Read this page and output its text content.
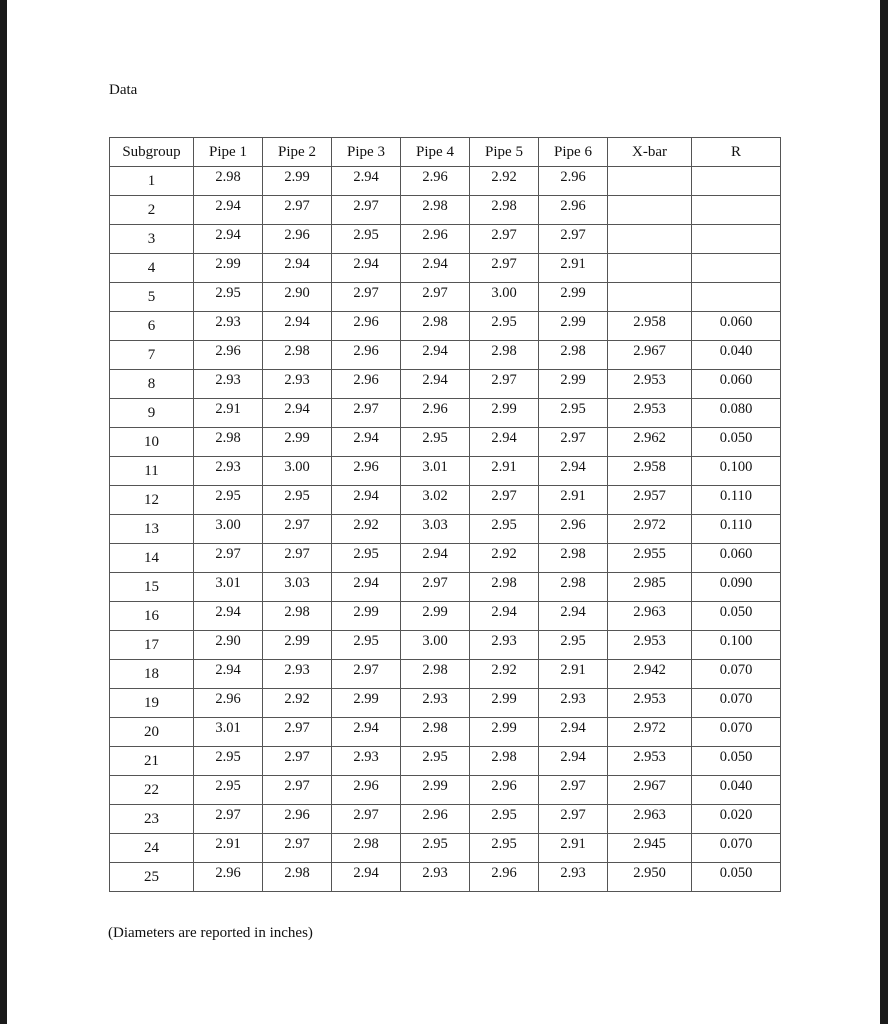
Data
Subgroup	Pipe 1	Pipe 2	Pipe 3	Pipe 4	Pipe 5	Pipe 6	X-bar	R

1	2.98	2.99	2.94	2.96	2.92	2.96		

2	2.94	2.97	2.97	2.98	2.98	2.96		

3	2.94	2.96	2.95	2.96	2.97	2.97		

4	2.99	2.94	2.94	2.94	2.97	2.91		

5	2.95	2.90	2.97	2.97	3.00	2.99		

6	2.93	2.94	2.96	2.98	2.95	2.99	2.958	0.060

7	2.96	2.98	2.96	2.94	2.98	2.98	2.967	0.040

8	2.93	2.93	2.96	2.94	2.97	2.99	2.953	0.060

9	2.91	2.94	2.97	2.96	2.99	2.95	2.953	0.080

10	2.98	2.99	2.94	2.95	2.94	2.97	2.962	0.050

11	2.93	3.00	2.96	3.01	2.91	2.94	2.958	0.100

12	2.95	2.95	2.94	3.02	2.97	2.91	2.957	0.110

13	3.00	2.97	2.92	3.03	2.95	2.96	2.972	0.110

14	2.97	2.97	2.95	2.94	2.92	2.98	2.955	0.060

15	3.01	3.03	2.94	2.97	2.98	2.98	2.985	0.090

16	2.94	2.98	2.99	2.99	2.94	2.94	2.963	0.050

17	2.90	2.99	2.95	3.00	2.93	2.95	2.953	0.100

18	2.94	2.93	2.97	2.98	2.92	2.91	2.942	0.070

19	2.96	2.92	2.99	2.93	2.99	2.93	2.953	0.070

20	3.01	2.97	2.94	2.98	2.99	2.94	2.972	0.070

21	2.95	2.97	2.93	2.95	2.98	2.94	2.953	0.050

22	2.95	2.97	2.96	2.99	2.96	2.97	2.967	0.040

23	2.97	2.96	2.97	2.96	2.95	2.97	2.963	0.020

24	2.91	2.97	2.98	2.95	2.95	2.91	2.945	0.070

25	2.96	2.98	2.94	2.93	2.96	2.93	2.950	0.050
(Diameters are reported in inches)
